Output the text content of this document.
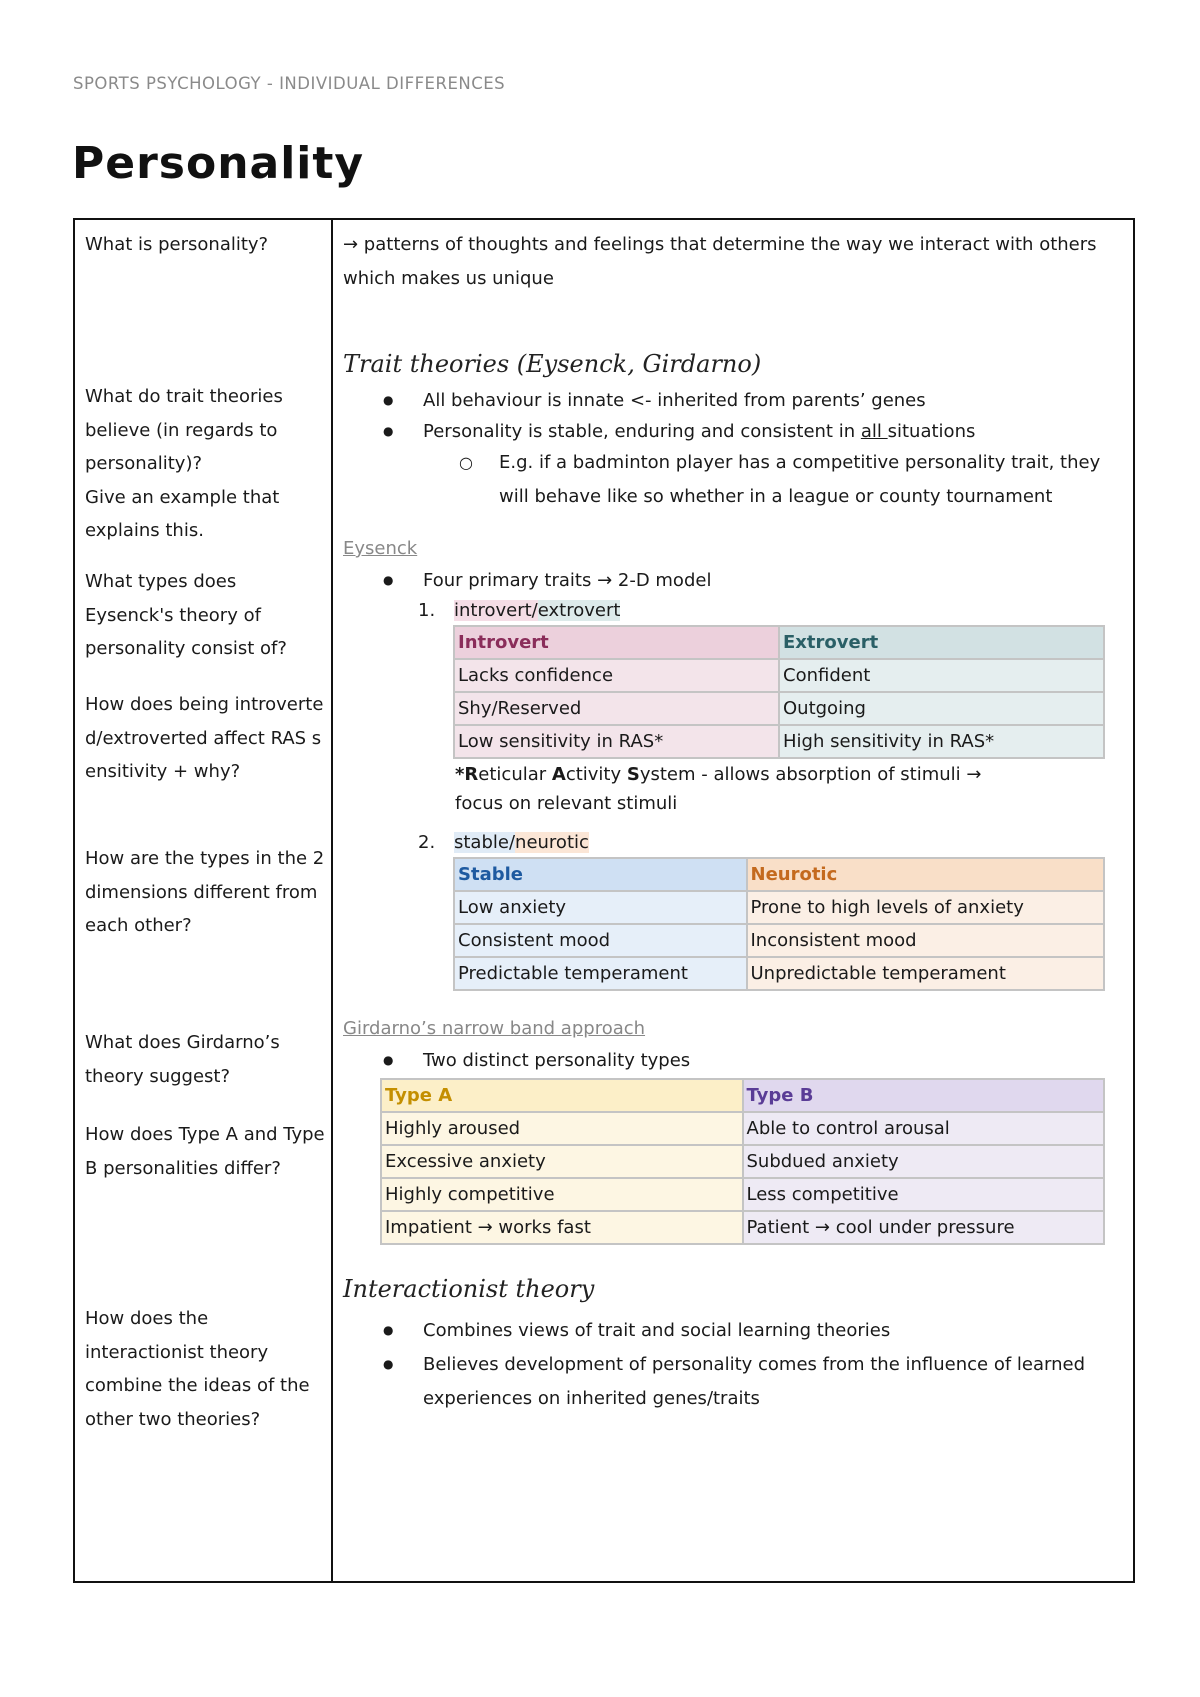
SPORTS PSYCHOLOGY - INDIVIDUAL DIFFERENCES
Personality
What is personality?
What do trait theories believe (in regards to personality)?
Give an example that explains this.
What types does Eysenck's theory of personality consist of?
How does being introverted/extroverted affect RAS sensitivity + why?
How are the types in the 2 dimensions different from each other?
What does Girdarno’s theory suggest?
How does Type A and Type B personalities differ?
How does the interactionist theory combine the ideas of the other two theories?
→ patterns of thoughts and feelings that determine the way we interact with others which makes us unique
Trait theories (Eysenck, Girdarno)
● All behaviour is innate <- inherited from parents’ genes
● Personality is stable, enduring and consistent in all situations
○ E.g. if a badminton player has a competitive personality trait, they will behave like so whether in a league or county tournament
Eysenck
● Four primary traits → 2-D model
1. introvert/extrovert
Introvert	Extrovert
Lacks confidence	Confident
Shy/Reserved	Outgoing
Low sensitivity in RAS*	High sensitivity in RAS*
*Reticular Activity System - allows absorption of stimuli →
focus on relevant stimuli
2. stable/neurotic
Stable	Neurotic
Low anxiety	Prone to high levels of anxiety
Consistent mood	Inconsistent mood
Predictable temperament	Unpredictable temperament
Girdarno’s narrow band approach
● Two distinct personality types
Type A	Type B
Highly aroused	Able to control arousal
Excessive anxiety	Subdued anxiety
Highly competitive	Less competitive
Impatient → works fast	Patient → cool under pressure
Interactionist theory
● Combines views of trait and social learning theories
● Believes development of personality comes from the influence of learned experiences on inherited genes/traits
